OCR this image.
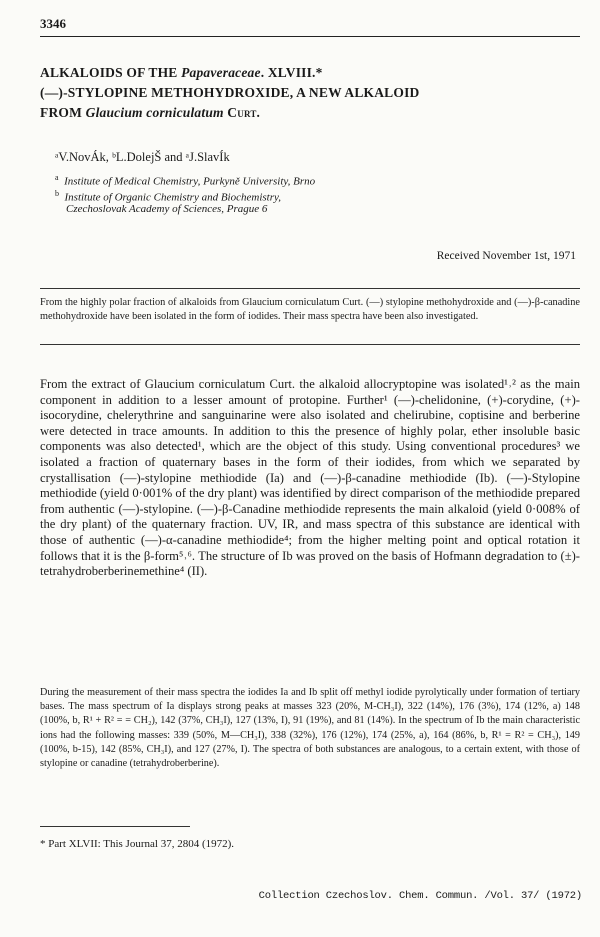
3346
ALKALOIDS OF THE Papaveraceae. XLVIII.*
(—)-STYLOPINE METHOHYDROXIDE, A NEW ALKALOID
FROM Glaucium corniculatum Curt.
ᵃV.NovÁk, ᵇL.DolejŠ and ᵃJ.SlavÍk
$^a$ Institute of Medical Chemistry, Purkyně University, Brno
$^b$ Institute of Organic Chemistry and Biochemistry,
Czechoslovak Academy of Sciences, Prague 6
Received November 1st, 1971
From the highly polar fraction of alkaloids from Glaucium corniculatum Curt. (—) stylopine methohydroxide and (—)-β-canadine methohydroxide have been isolated in the form of iodides. Their mass spectra have been also investigated.
From the extract of Glaucium corniculatum Curt. the alkaloid allocryptopine was isolated¹˒² as the main component in addition to a lesser amount of protopine. Further¹ (—)-chelidonine, (+)-corydine, (+)-isocorydine, chelerythrine and sanguinarine were also isolated and chelirubine, coptisine and berberine were detected in trace amounts. In addition to this the presence of highly polar, ether insoluble basic components was also detected¹, which are the object of this study. Using conventional procedures³ we isolated a fraction of quaternary bases in the form of their iodides, from which we separated by crystallisation (—)-stylopine methiodide (Ia) and (—)-β-canadine methiodide (Ib). (—)-Stylopine methiodide (yield 0·001% of the dry plant) was identified by direct comparison of the methiodide prepared from authentic (—)-stylopine. (—)-β-Canadine methiodide represents the main alkaloid (yield 0·008% of the dry plant) of the quaternary fraction. UV, IR, and mass spectra of this substance are identical with those of authentic (—)-α-canadine methiodide⁴; from the higher melting point and optical rotation it follows that it is the β-form⁵˒⁶. The structure of Ib was proved on the basis of Hofmann degradation to (±)-tetrahydroberberinemethine⁴ (II).
During the measurement of their mass spectra the iodides Ia and Ib split off methyl iodide pyrolytically under formation of tertiary bases. The mass spectrum of Ia displays strong peaks at masses 323 (20%, M-CH₃I), 322 (14%), 176 (3%), 174 (12%, a) 148 (100%, b, R¹ + R² = = CH₂), 142 (37%, CH₃I), 127 (13%, I), 91 (19%), and 81 (14%). In the spectrum of Ib the main characteristic ions had the following masses: 339 (50%, M—CH₃I), 338 (32%), 176 (12%), 174 (25%, a), 164 (86%, b, R¹ = R² = CH₃), 149 (100%, b-15), 142 (85%, CH₃I), and 127 (27%, I). The spectra of both substances are analogous, to a certain extent, with those of stylopine or canadine (tetrahydroberberine).
* Part XLVII: This Journal 37, 2804 (1972).
Collection Czechoslov. Chem. Commun. /Vol. 37/ (1972)
